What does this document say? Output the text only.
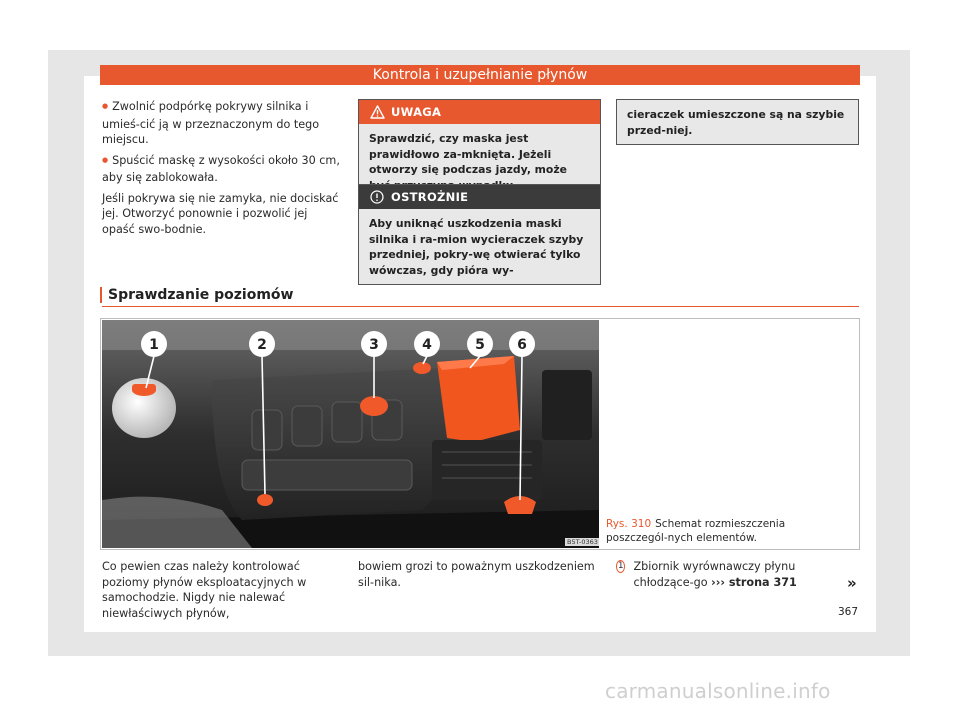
Kontrola i uzupełnianie płynów

● Zwolnić podpórkę pokrywy silnika i umieś-cić ją w przeznaczonym do tego miejscu.

● Spuścić maskę z wysokości około 30 cm, aby się zablokowała.

Jeśli pokrywa się nie zamyka, nie dociskać jej. Otworzyć ponownie i pozwolić jej opaść swo-bodnie.

UWAGA
Sprawdzić, czy maska jest prawidłowo za-mknięta. Jeżeli otworzy się podczas jazdy, może
OSTROŻNIE
Aby uniknąć uszkodzenia maski silnika i ra-mion wycieraczek szyby przedniej, pokry-wę otwierać tylko wówczas, gdy pióra wy-
cieraczek umieszczone są na szybie przed-niej.
Sprawdzanie poziomów
1	2	3	4	5 6
B5T-0363
Rys. 310 Schemat rozmieszczenia poszczegól-nych elementów.
Co pewien czas należy kontrolować poziomy płynów eksploatacyjnych w samochodzie. Nigdy nie nalewać niewłaściwych płynów,
bowiem grozi to poważnym uszkodzeniem sil-nika.
1 Zbiornik wyrównawczy płynu chłodzące-go ››› strona 371	»
367
carmanualsonline.info
